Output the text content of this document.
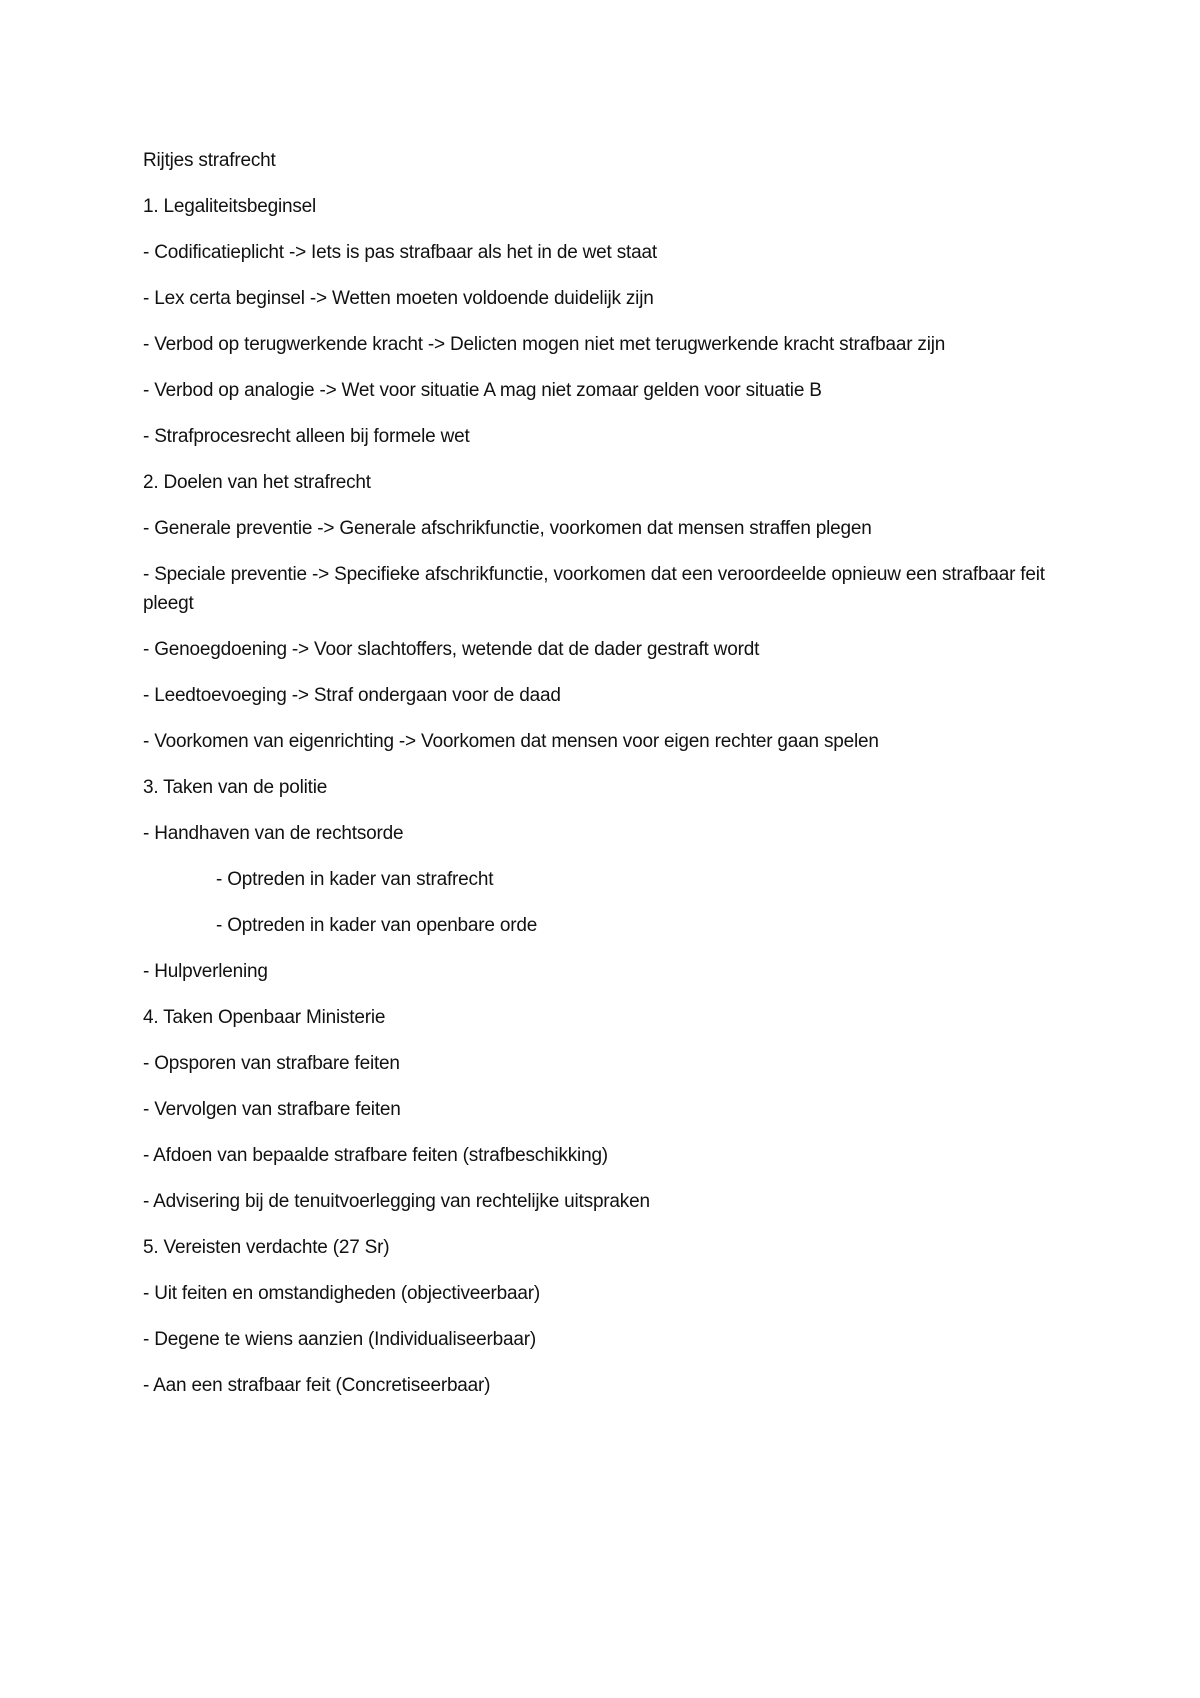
Rijtjes strafrecht

1. Legaliteitsbeginsel

- Codificatieplicht -> Iets is pas strafbaar als het in de wet staat

- Lex certa beginsel -> Wetten moeten voldoende duidelijk zijn

- Verbod op terugwerkende kracht -> Delicten mogen niet met terugwerkende kracht strafbaar zijn

- Verbod op analogie -> Wet voor situatie A mag niet zomaar gelden voor situatie B

- Strafprocesrecht alleen bij formele wet

2. Doelen van het strafrecht

- Generale preventie -> Generale afschrikfunctie, voorkomen dat mensen straffen plegen

- Speciale preventie -> Specifieke afschrikfunctie, voorkomen dat een veroordeelde opnieuw een strafbaar feit pleegt

- Genoegdoening -> Voor slachtoffers, wetende dat de dader gestraft wordt

- Leedtoevoeging -> Straf ondergaan voor de daad

- Voorkomen van eigenrichting -> Voorkomen dat mensen voor eigen rechter gaan spelen

3. Taken van de politie

- Handhaven van de rechtsorde

- Optreden in kader van strafrecht

- Optreden in kader van openbare orde

- Hulpverlening

4. Taken Openbaar Ministerie

- Opsporen van strafbare feiten

- Vervolgen van strafbare feiten

- Afdoen van bepaalde strafbare feiten (strafbeschikking)

- Advisering bij de tenuitvoerlegging van rechtelijke uitspraken

5. Vereisten verdachte (27 Sr)

- Uit feiten en omstandigheden (objectiveerbaar)

- Degene te wiens aanzien (Individualiseerbaar)

- Aan een strafbaar feit (Concretiseerbaar)
